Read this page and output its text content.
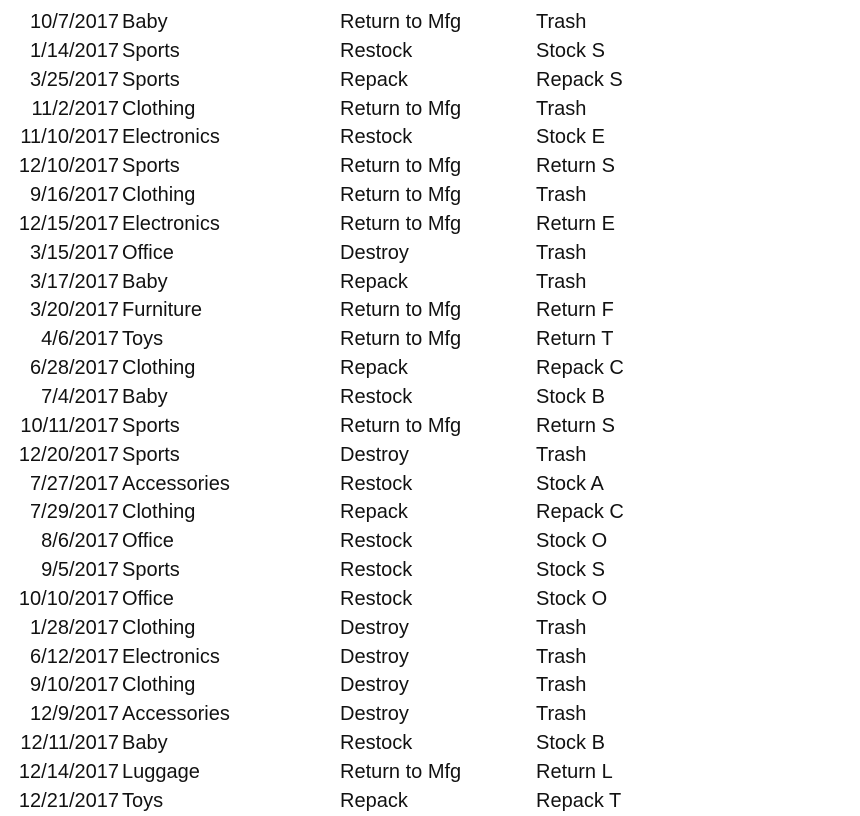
10/7/2017 Baby	Return to Mfg	Trash
1/14/2017 Sports	Restock	Stock S
3/25/2017 Sports	Repack	Repack S
11/2/2017 Clothing	Return to Mfg	Trash
11/10/2017 Electronics	Restock	Stock E
12/10/2017 Sports	Return to Mfg	Return S
9/16/2017 Clothing	Return to Mfg	Trash
12/15/2017 Electronics	Return to Mfg	Return E
3/15/2017 Office	Destroy	Trash
3/17/2017 Baby	Repack	Trash
3/20/2017 Furniture	Return to Mfg	Return F
4/6/2017 Toys	Return to Mfg	Return T
6/28/2017 Clothing	Repack	Repack C
7/4/2017 Baby	Restock	Stock B
10/11/2017 Sports	Return to Mfg	Return S
12/20/2017 Sports	Destroy	Trash
7/27/2017 Accessories	Restock	Stock A
7/29/2017 Clothing	Repack	Repack C
8/6/2017 Office	Restock	Stock O
9/5/2017 Sports	Restock	Stock S
10/10/2017 Office	Restock	Stock O
1/28/2017 Clothing	Destroy	Trash
6/12/2017 Electronics	Destroy	Trash
9/10/2017 Clothing	Destroy	Trash
12/9/2017 Accessories	Destroy	Trash
12/11/2017 Baby	Restock	Stock B
12/14/2017 Luggage	Return to Mfg	Return L
12/21/2017 Toys	Repack	Repack T
